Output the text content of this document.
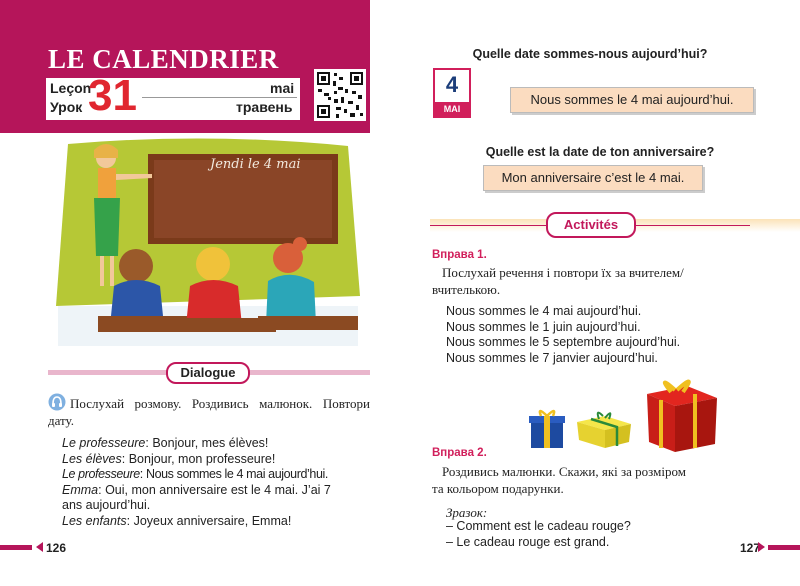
LE CALENDRIER
Leçon
Урок 31	mai
травень
Jendi le 4 mai
Dialogue
Послухай розмову. Роздивись малюнок. Повтори дату.
Le professeure: Bonjour, mes élèves!
Les élèves: Bonjour, mon professeure!
Le professeure: Nous sommes le 4 mai aujourd’hui.
Emma: Oui, mon anniversaire est le 4 mai. J’ai 7
ans aujourd’hui.
Les enfants: Joyeux anniversaire, Emma!
126
Quelle date sommes-nous aujourd’hui?
4
MAI
Nous sommes le 4 mai aujourd’hui.
Quelle est la date de ton anniversaire?
Mon anniversaire c’est le 4 mai.
Activités
Вправа 1.
Послухай речення і повтори їх за вчителем/
вчителькою.
Nous sommes le 4 mai aujourd’hui.
Nous sommes le 1 juin aujourd’hui.
Nous sommes le 5 septembre aujourd’hui.
Nous sommes le 7 janvier aujourd’hui.
Вправа 2.
Роздивись малюнки. Скажи, які за розміром
та кольором подарунки.
Зразок:
– Comment est le cadeau rouge?
– Le cadeau rouge est grand.	127
